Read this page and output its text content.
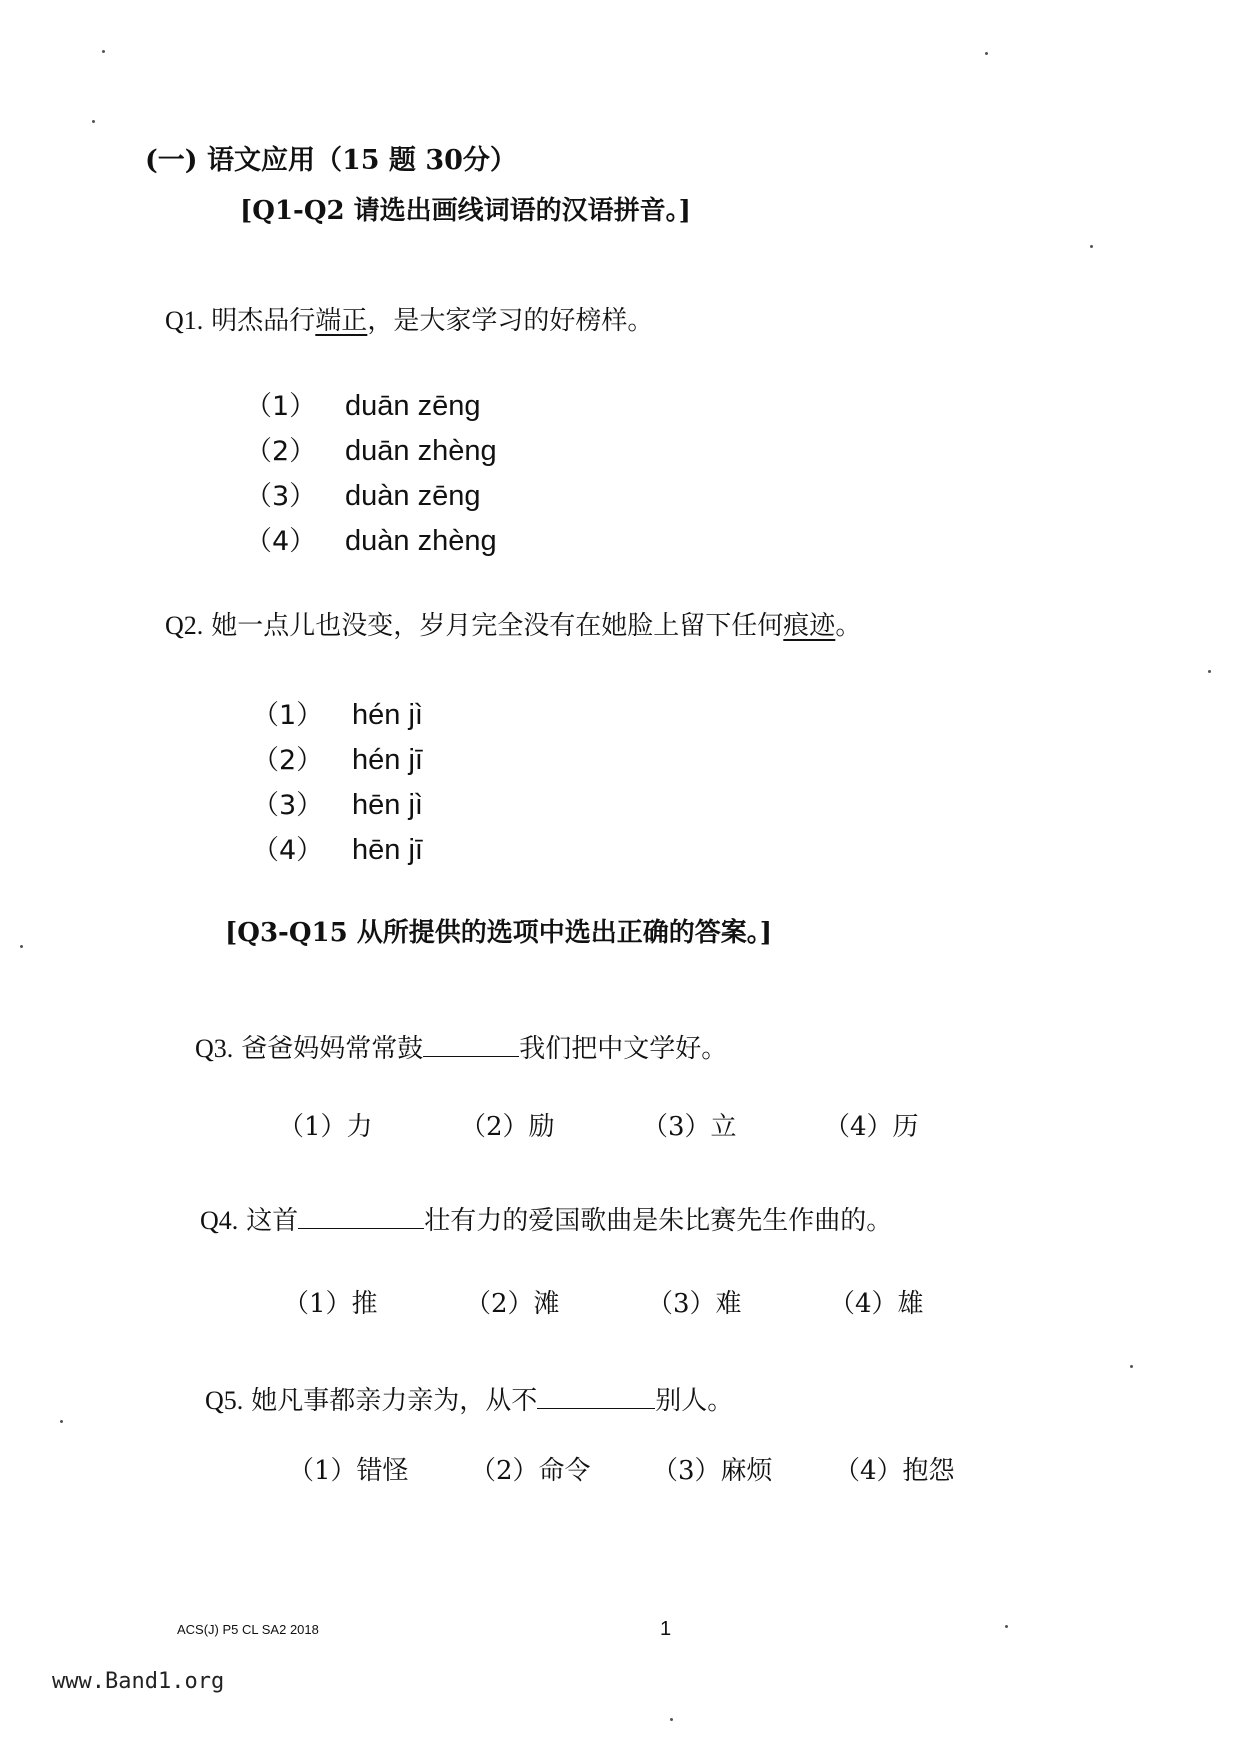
(一) 语文应用（15 题 30分）
[Q1-Q2 请选出画线词语的汉语拼音。]
Q1. 明杰品行端正，是大家学习的好榜样。
（1） duān zēng
（2） duān zhèng
（3） duàn zēng
（4） duàn zhèng
Q2. 她一点儿也没变，岁月完全没有在她脸上留下任何痕迹。
（1） hén jì
（2） hén jī
（3） hēn jì
（4） hēn jī
[Q3-Q15 从所提供的选项中选出正确的答案。]
Q3. 爸爸妈妈常常鼓	我们把中文学好。
（1）力	（2）励	（3）立	（4）历
Q4. 这首	壮有力的爱国歌曲是朱比赛先生作曲的。
（1）推	（2）滩	（3）难	（4）雄
Q5. 她凡事都亲力亲为，从不	别人。
（1）错怪	（2）命令	（3）麻烦	（4）抱怨
ACS(J) P5 CL SA2 2018	1
www.Band1.org
